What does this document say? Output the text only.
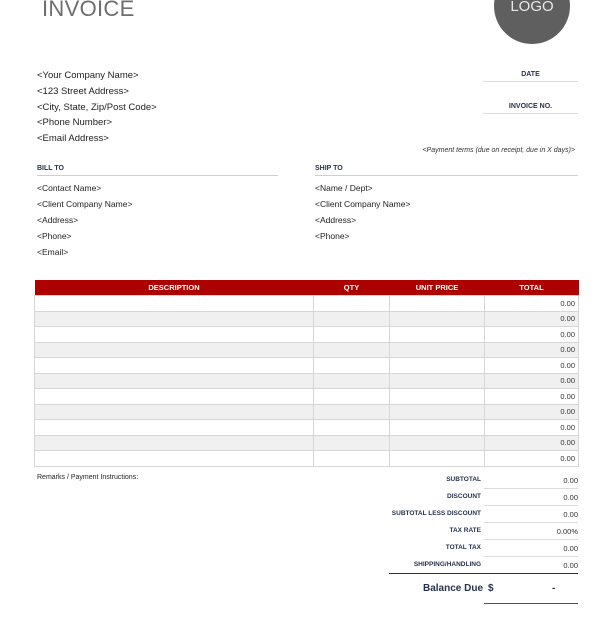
INVOICE	LOGO
<Your Company Name>
<123 Street Address>
<City, State, Zip/Post Code>
<Phone Number>
<Email Address>
DATE
INVOICE NO.
<Payment terms (due on receipt, due in X days)>
BILL TO
<Contact Name>
<Client Company Name>
<Address>
<Phone>
<Email>
SHIP TO
<Name / Dept>
<Client Company Name>
<Address>
<Phone>
DESCRIPTION	QTY	UNIT PRICE	TOTAL
			0.00
			0.00
			0.00
			0.00
			0.00
			0.00
			0.00
			0.00
			0.00
			0.00
			0.00
Remarks / Payment Instructions:	SUBTOTAL	0.00
DISCOUNT	0.00
SUBTOTAL LESS DISCOUNT	0.00
TAX RATE	0.00%
TOTAL TAX	0.00
SHIPPING/HANDLING	0.00
Balance Due $	-
